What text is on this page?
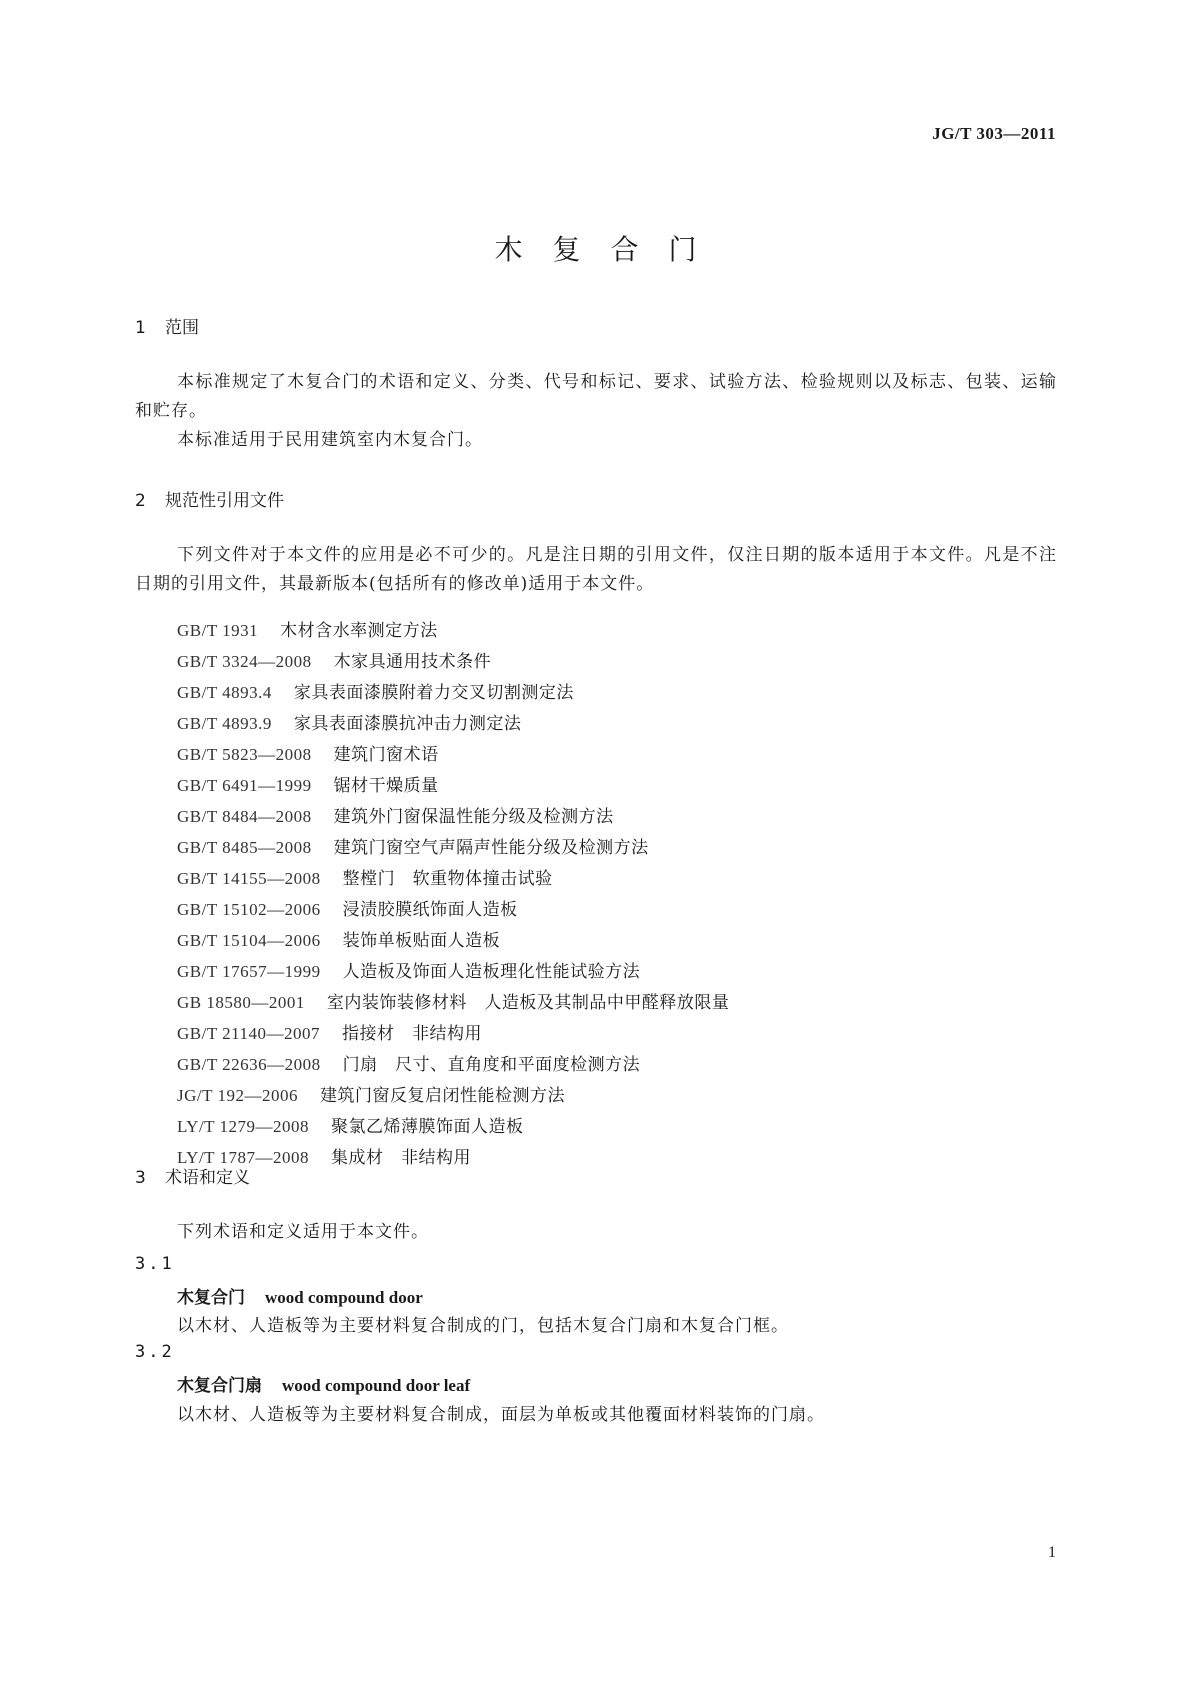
JG/T 303—2011
木复合门
1 范围

本标准规定了木复合门的术语和定义、分类、代号和标记、要求、试验方法、检验规则以及标志、包装、运输和贮存。

本标准适用于民用建筑室内木复合门。

2 规范性引用文件

下列文件对于本文件的应用是必不可少的。凡是注日期的引用文件，仅注日期的版本适用于本文件。凡是不注日期的引用文件，其最新版本(包括所有的修改单)适用于本文件。

GB/T 1931 木材含水率测定方法
GB/T 3324—2008 木家具通用技术条件
GB/T 4893.4 家具表面漆膜附着力交叉切割测定法
GB/T 4893.9 家具表面漆膜抗冲击力测定法
GB/T 5823—2008 建筑门窗术语
GB/T 6491—1999 锯材干燥质量
GB/T 8484—2008 建筑外门窗保温性能分级及检测方法
GB/T 8485—2008 建筑门窗空气声隔声性能分级及检测方法
GB/T 14155—2008 整樘门　软重物体撞击试验
GB/T 15102—2006 浸渍胶膜纸饰面人造板
GB/T 15104—2006 装饰单板贴面人造板
GB/T 17657—1999 人造板及饰面人造板理化性能试验方法
GB 18580—2001 室内装饰装修材料　人造板及其制品中甲醛释放限量
GB/T 21140—2007 指接材　非结构用
GB/T 22636—2008 门扇　尺寸、直角度和平面度检测方法
JG/T 192—2006 建筑门窗反复启闭性能检测方法
LY/T 1279—2008 聚氯乙烯薄膜饰面人造板
LY/T 1787—2008 集成材　非结构用
3 术语和定义

下列术语和定义适用于本文件。

3.1
木复合门 wood compound door
以木材、人造板等为主要材料复合制成的门，包括木复合门扇和木复合门框。
3.2
木复合门扇 wood compound door leaf
以木材、人造板等为主要材料复合制成，面层为单板或其他覆面材料装饰的门扇。
1
